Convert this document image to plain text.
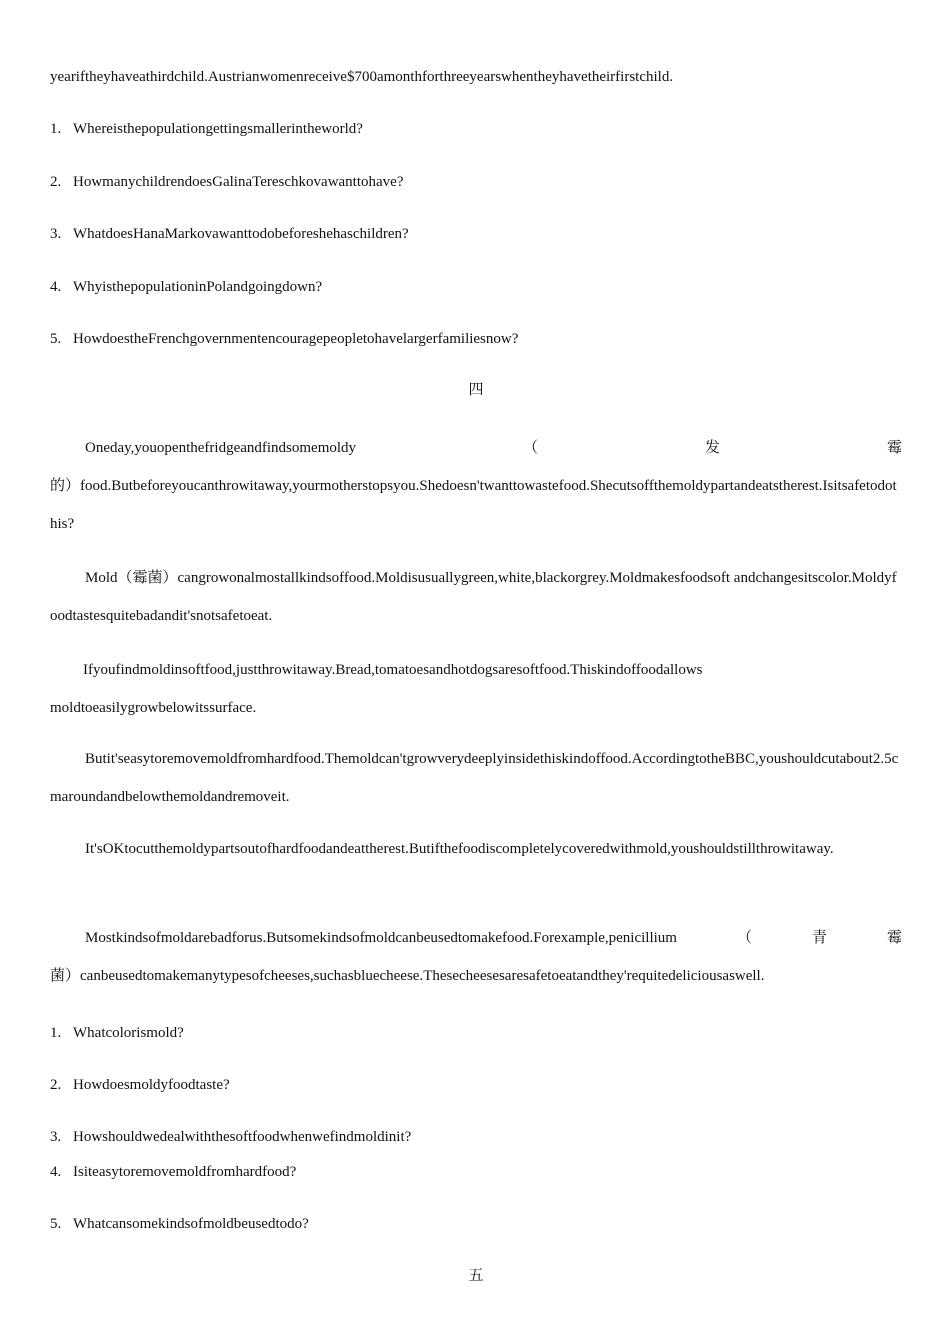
yeariftheyhaveathirdchild.Austrianwomenreceive$700amonthforthreeyearswhentheyhavetheirfirstchild.
1. Whereisthepopulationgettingsmallerintheworld?
2. HowmanychildrendoesGalinaTereschkovawanttohave?
3. WhatdoesHanaMarkovawanttodobeforeshehaschildren?
4. WhyisthepopulationinPolandgoingdown?
5. HowdoestheFrenchgovernmentencouragepeopletohavelargerfamiliesnow?
四
Oneday,youopenthefridgeandfindsomemoldy	（	发	霉
的）food.Butbeforeyoucanthrowitaway,yourmotherstopsyou.Shedoesn'twanttowastefood.Shecutsoffthemoldypartandeatstherest.Isitsafetodothis?
Mold（霉菌）cangrowonalmostallkindsoffood.Moldisusuallygreen,white,blackorgrey.Moldmakesfoodsoft andchangesitscolor.Moldyfoodtastesquitebadandit'snotsafetoeat.
Ifyoufindmoldinsoftfood,justthrowitaway.Bread,tomatoesandhotdogsaresoftfood.Thiskindoffoodallows
moldtoeasilygrowbelowitssurface.
Butit'seasytoremovemoldfromhardfood.Themoldcan'tgrowverydeeplyinsidethiskindoffood.AccordingtotheBBC,youshouldcutabout2.5cmaroundandbelowthemoldandremoveit.
It'sOKtocutthemoldypartsoutofhardfoodandeattherest.Butifthefoodiscompletelycoveredwithmold,youshouldstillthrowitaway.
Mostkindsofmoldarebadforus.Butsomekindsofmoldcanbeusedtomakefood.Forexample,penicillium	（	青	霉
菌）canbeusedtomakemanytypesofcheeses,suchasbluecheese.Thesecheesesaresafetoeatandthey'requitedeliciousaswell.
1. Whatcolorismold?
2. Howdoesmoldyfoodtaste?
3. Howshouldwedealwiththesoftfoodwhenwefindmoldinit?
4. Isiteasytoremovemoldfromhardfood?
5. Whatcansomekindsofmoldbeusedtodo?
五
